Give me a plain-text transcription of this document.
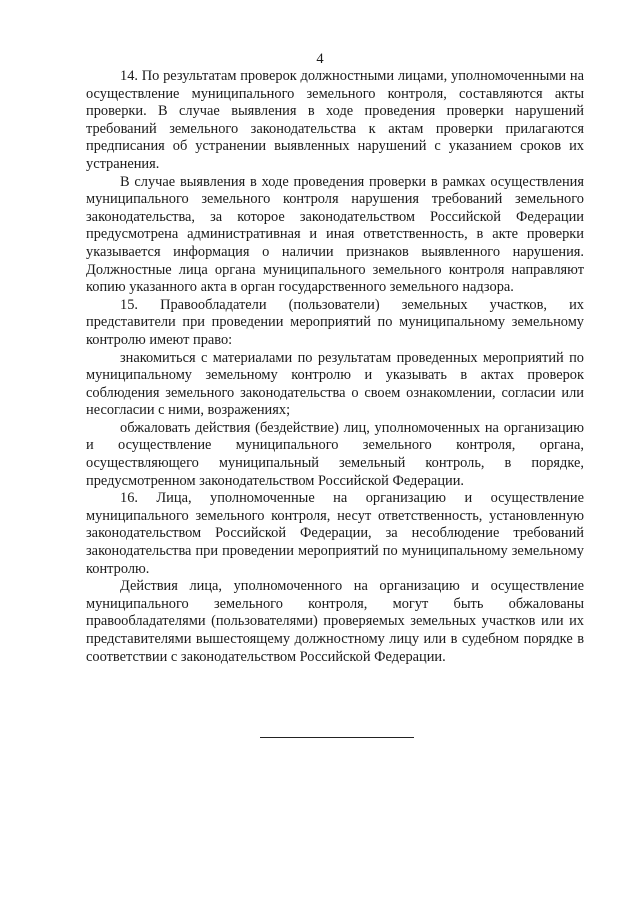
4

14. По результатам проверок должностными лицами, уполномоченными на осуществление муниципального земельного контроля, составляются акты проверки. В случае выявления в ходе проведения проверки нарушений требований земельного законодательства к актам проверки прилагаются предписания об устранении выявленных нарушений с указанием сроков их устранения.

В случае выявления в ходе проведения проверки в рамках осуществления муниципального земельного контроля нарушения требований земельного законодательства, за которое законодательством Российской Федерации предусмотрена административная и иная ответственность, в акте проверки указывается информация о наличии признаков выявленного нарушения. Должностные лица органа муниципального земельного контроля направляют копию указанного акта в орган государственного земельного надзора.

15. Правообладатели (пользователи) земельных участков, их представители при проведении мероприятий по муниципальному земельному контролю имеют право:

знакомиться с материалами по результатам проведенных мероприятий по муниципальному земельному контролю и указывать в актах проверок соблюдения земельного законодательства о своем ознакомлении, согласии или несогласии с ними, возражениях;

обжаловать действия (бездействие) лиц, уполномоченных на организацию и осуществление муниципального земельного контроля, органа, осуществляющего муниципальный земельный контроль, в порядке, предусмотренном законодательством Российской Федерации.

16. Лица, уполномоченные на организацию и осуществление муниципального земельного контроля, несут ответственность, установленную законодательством Российской Федерации, за несоблюдение требований законодательства при проведении мероприятий по муниципальному земельному контролю.

Действия лица, уполномоченного на организацию и осуществление муниципального земельного контроля, могут быть обжалованы правообладателями (пользователями) проверяемых земельных участков или их представителями вышестоящему должностному лицу или в судебном порядке в соответствии с законодательством Российской Федерации.
